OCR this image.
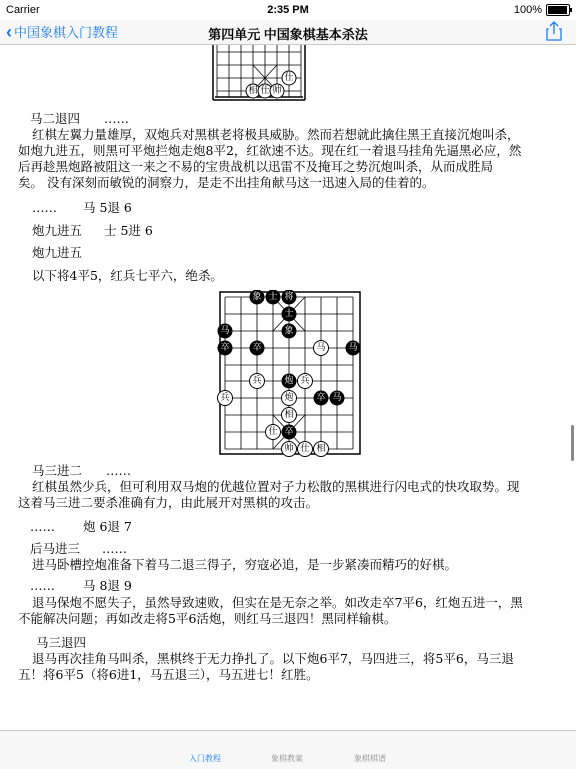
Carrier	2:35 PM	100%
‹ 中国象棋入门教程	第四单元 中国象棋基本杀法
仕
相 仕 帅
马二退四 ……
红棋左翼力量雄厚，双炮兵对黑棋老将极具威胁。然而若想就此擒住黑王直接沉炮叫杀，
如炮九进五，则黑可平炮拦炮走炮8平2，红欲速不达。现在红一着退马挂角先逼黑必应，然
后再趁黑炮路被阻这一来之不易的宝贵战机以迅雷不及掩耳之势沉炮叫杀，从而成胜局
矣。 没有深刻而敏锐的洞察力，是走不出挂角献马这一迅速入局的佳着的。
…… 马 5退 6
炮九进五 士 5进 6
炮九进五
以下将4平5，红兵七平六，绝杀。
象 士 将
士
象
马
卒	卒	马
卒
卒
马
炮
马
兵
炮
兵
兵
相
仕
帅 仕 相
马三进二 ……
红棋虽然少兵，但可利用双马炮的优越位置对子力松散的黑棋进行闪电式的快攻取势。现
这着马三进二要杀准确有力，由此展开对黑棋的攻击。
…… 炮 6退 7
后马进三 ……
进马卧槽控炮准备下着马二退三得子，穷寇必追，是一步紧凑而精巧的好棋。
…… 马 8退 9
退马保炮不愿失子，虽然导致速败，但实在是无奈之举。如改走卒7平6，红炮五进一，黑
不能解决问题；再如改走将5平6活炮，则红马三退四！黑同样输棋。
马三退四
退马再次挂角马叫杀，黑棋终于无力挣扎了。以下炮6平7，马四进三，将5平6，马三退
五！将6平5（将6进1，马五退三），马五进七！红胜。
入门教程	象棋教案	象棋棋谱
